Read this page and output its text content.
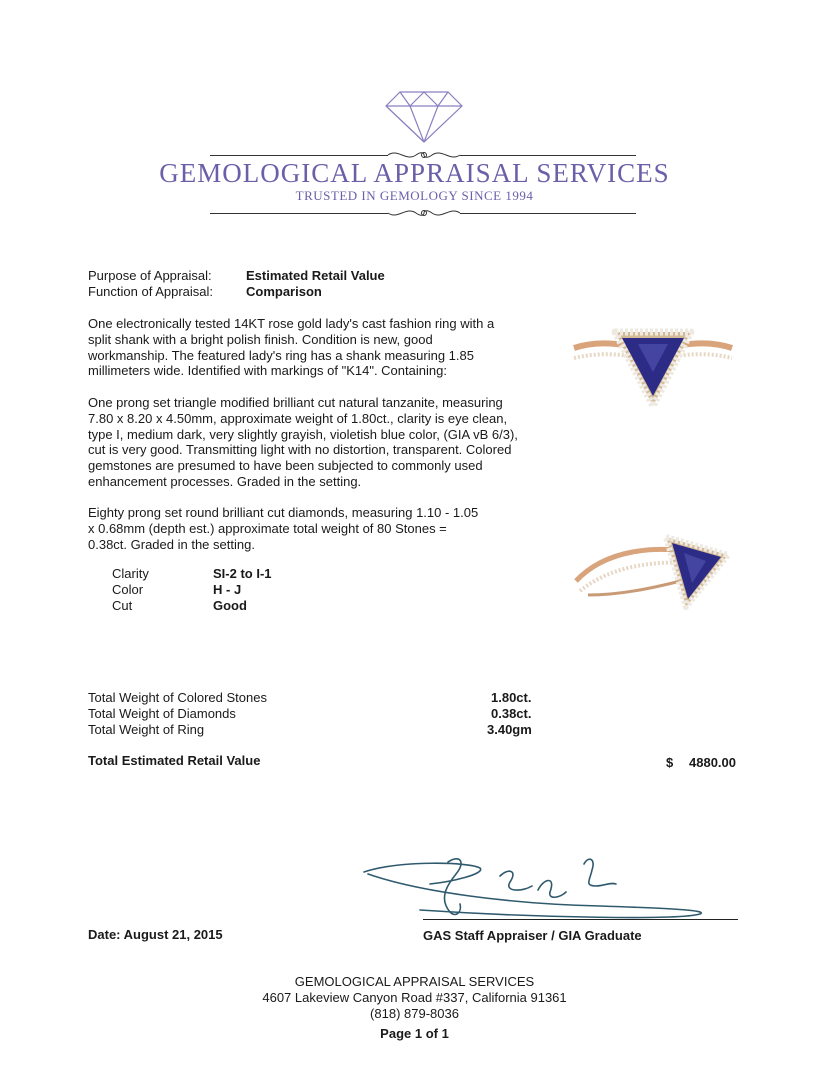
GEMOLOGICAL APPRAISAL SERVICES
TRUSTED IN GEMOLOGY SINCE 1994
Purpose of Appraisal:	Estimated Retail Value
Function of Appraisal:	Comparison
One electronically tested 14KT rose gold lady's cast fashion ring with a split shank with a bright polish finish. Condition is new, good workmanship. The featured lady's ring has a shank measuring 1.85 millimeters wide. Identified with markings of "K14". Containing:
One prong set triangle modified brilliant cut natural tanzanite, measuring 7.80 x 8.20 x 4.50mm, approximate weight of 1.80ct., clarity is eye clean, type I, medium dark, very slightly grayish, violetish blue color, (GIA vB 6/3), cut is very good. Transmitting light with no distortion, transparent. Colored gemstones are presumed to have been subjected to commonly used enhancement processes. Graded in the setting.
Eighty prong set round brilliant cut diamonds, measuring 1.10 - 1.05 x 0.68mm (depth est.) approximate total weight of 80 Stones = 0.38ct. Graded in the setting.
Clarity	SI-2 to I-1
Color	H - J
Cut	Good
Total Weight of Colored Stones	1.80ct.
Total Weight of Diamonds	0.38ct.
Total Weight of Ring	3.40gm
Total Estimated Retail Value	$ 4880.00
Date: August 21, 2015	GAS Staff Appraiser / GIA Graduate
GEMOLOGICAL APPRAISAL SERVICES
4607 Lakeview Canyon Road #337, California 91361
(818) 879-8036
Page 1 of 1
